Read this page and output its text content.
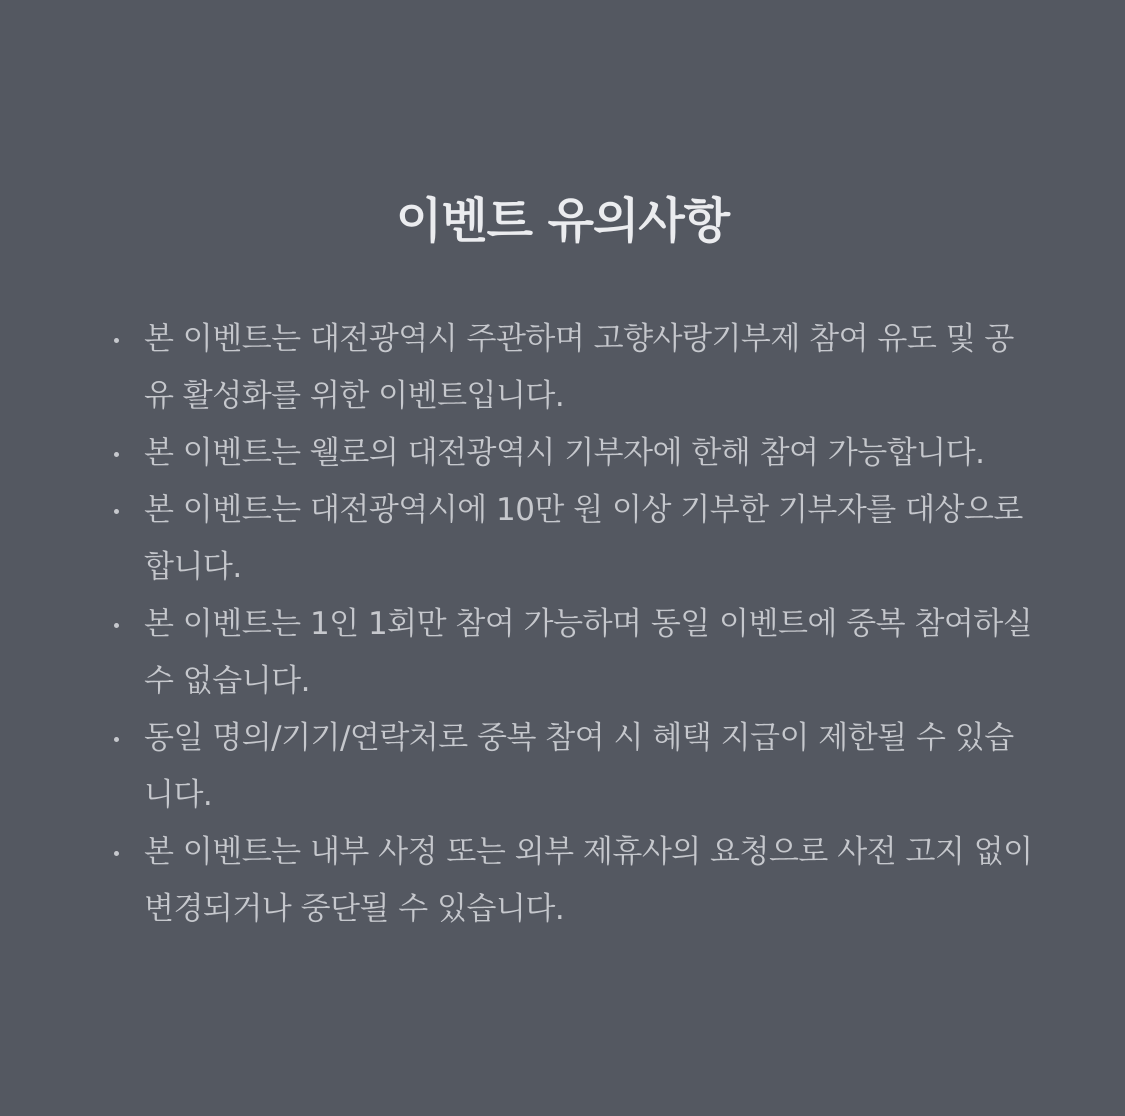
이벤트 유의사항
본 이벤트는 대전광역시 주관하며 고향사랑기부제 참여 유도 및 공유 활성화를 위한 이벤트입니다.
본 이벤트는 웰로의 대전광역시 기부자에 한해 참여 가능합니다.
본 이벤트는 대전광역시에 10만 원 이상 기부한 기부자를 대상으로 합니다.
본 이벤트는 1인 1회만 참여 가능하며 동일 이벤트에 중복 참여하실 수 없습니다.
동일 명의/기기/연락처로 중복 참여 시 혜택 지급이 제한될 수 있습니다.
본 이벤트는 내부 사정 또는 외부 제휴사의 요청으로 사전 고지 없이 변경되거나 중단될 수 있습니다.
